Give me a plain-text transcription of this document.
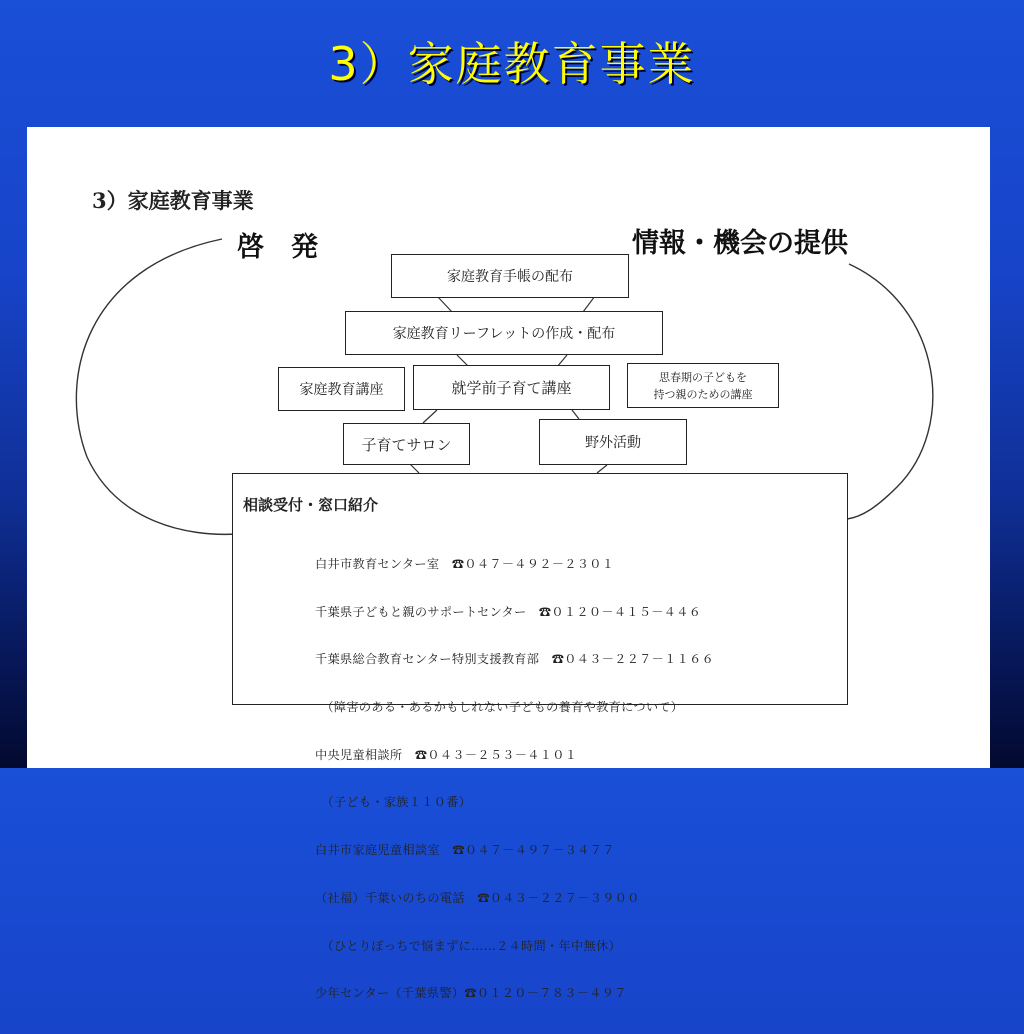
3）家庭教育事業
3）家庭教育事業
啓　発	情報・機会の提供
家庭教育手帳の配布
家庭教育リーフレットの作成・配布
家庭教育講座	就学前子育て講座
思春期の子どもを
持つ親のための講座
子育てサロン	野外活動
相談受付・窓口紹介

白井市教育センター室　☎０４７－４９２－２３０１

千葉県子どもと親のサポートセンター　☎０１２０－４１５－４４６

千葉県総合教育センター特別支援教育部　☎０４３－２２７－１１６６

　（障害のある・あるかもしれない子どもの養育や教育について）

中央児童相談所　☎０４３－２５３－４１０１

　（子ども・家族１１０番）

白井市家庭児童相談室　☎０４７－４９７－３４７７

（社福）千葉いのちの電話　☎０４３－２２７－３９００

　（ひとりぼっちで悩まずに……２４時間・年中無休）

少年センター（千葉県警）☎０１２０－７８３－４９７
